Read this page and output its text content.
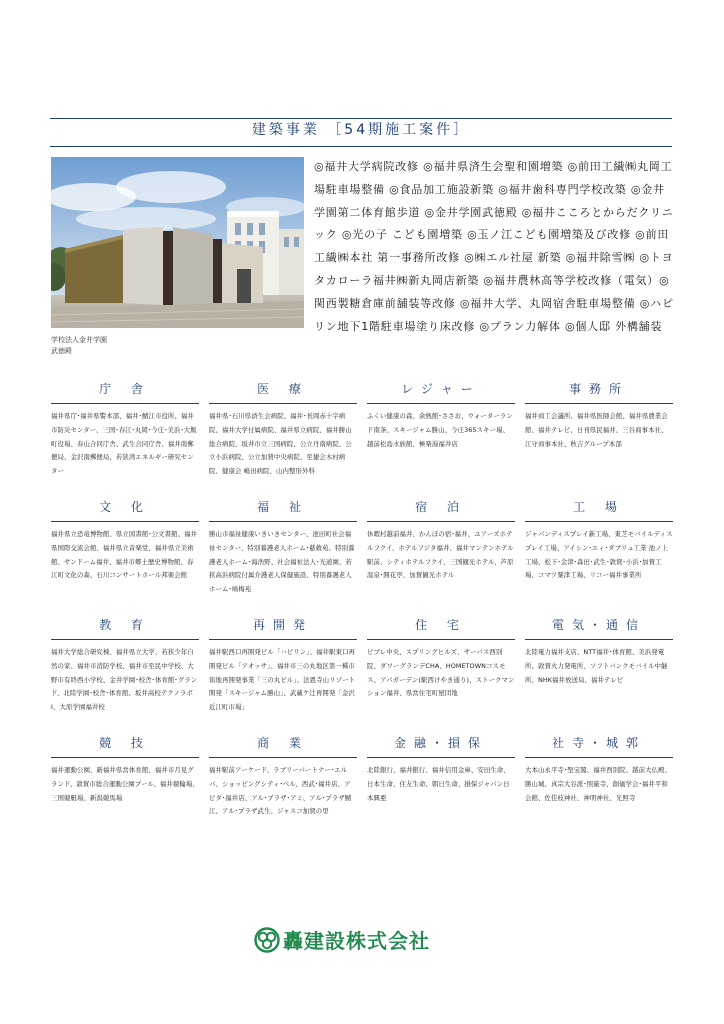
建築事業 ［54期施工案件］
学校法人金井学園
武徳殿
◎福井大学病院改修 ◎福井県済生会聖和園増築 ◎前田工繊㈱丸岡工場駐車場整備 ◎食品加工施設新築 ◎福井歯科専門学校改築 ◎金井学園第二体育館歩道 ◎金井学園武徳殿 ◎福井こころとからだクリニック ◎光の子 こども園増築 ◎玉ノ江こども園増築及び改修 ◎前田工繊㈱本社 第一事務所改修 ◎㈱エル社屋 新築 ◎福井除雪㈱ ◎トヨタカローラ福井㈱新丸岡店新築 ◎福井農林高等学校改修（電気）◎関西製糖倉庫前舗装等改修 ◎福井大学、丸岡宿舎駐車場整備 ◎ハピリン地下1階駐車場塗り床改修 ◎プラン力解体 ◎個人邸 外構舗装
庁 舎
福井県庁･福井県警本部、福井･鯖江市役所、福井市防災センター、三国･春江･丸岡･今庄･美浜･大飯町役場、春山合同庁舎、武生合同庁舎、福井南郵便局、金沢南郵便局、若狭湾エネルギー研究センター
医 療
福井県･石川県済生会病院、福井･長岡赤十字病院、福井大学付属病院、福井県立病院、福井勝山総合病院、坂井市立三国病院、公立丹南病院、公立小浜病院、公立加賀中央病院、至捷会木村病院、健康会 嶋田病院、山内整形外科
レジャー
ふくい健康の森、余熱館･ささお、ウォーターランド南条、スキージャム勝山、今庄365スキー場、越前松島水族館、極楽湯福井店
事務所
福井商工会議所、福井県医師会館、福井県農業会館、福井テレビ、日刊県民福井、三谷商事本社、江守商事本社、秋吉グループ本部
文 化
福井県立恐竜博物館、県立図書館･公文書館、福井県国際交流会館、福井県立音楽堂、福井県立美術館、サンドーム福井、福井市郷土歴史博物館、春江町文化の森、石川コンサートホール邦楽会館
福 祉
勝山市福祉健康いきいきセンター、池田町社会福祉センター、特別養護老人ホーム･慈救苑、特別養護老人ホーム･海浩野、社会福祉法人･光道園、若狭高浜病院付属介護老人保健施設、特別養護老人ホーム･鳩梅苑
宿 泊
休暇村越前福井、かんぽの宿･福井、ユアーズホテルフクイ、ホテルフジタ福井、福井マンテンホテル駅前、シティホテルフクイ、三国観光ホテル、芦原温泉･開花亭、加賀観光ホテル
工 場
ジャパンディスプレイ新工場、東芝モバイルディスプレイ工場、アイシン･エィ･ダブリュ工業 池ノ上工場、松下･金津･森田･武生･敦賀･小浜･加賀工場、コマツ粟津工場、リコー福井事業所
教 育
福井大学総合研究棟、福井県立大学、若狭少年自然の家、福井市消防学校、福井市至民中学校、大野市有終西小学校、金井学園･校舎･体育館･グランド、北陸学園･校舎･体育館、坂井高校テクノラボⅠ、大原学園福井校
再開発
福井駅西口再開発ビル「ハピリン」、福井駅東口再開発ビル「アオッサ」、福井市三の丸地区第一種市街地再開発事業「三の丸ビル」、法恩寺山リゾート開発「スキージャム勝山」、武蔵ケ辻再開発「金沢近江町市場」
住 宅
ピブレ中央、スプリングヒルズ、サーパス西別院、ダワーグランデCHA、HOMETOWNコスモス、アパガーデン(駅西けやき通り)、ストークマンション福井、県営住宅町屋団地
電気･通信
北陸電力福井支店、NTT福井･体育館、美浜発電所、敦賀火力発電所、ソフトバンクモバイル中継所、NHK福井放送局、福井テレビ
競 技
福井運動公園、新福井県営体育館、福井市月見グランド、敦賀市総合運動公園プール、福井競輪場、三国競艇場、新潟競馬場
商 業
福井駅前アーケード、ラブリーパートナー･エルパ、ショッピングシティ･ベル、西武･福井店、アピタ･福井店、アル･プラザ･アミ、アル･プラザ鯖江、アル･プラザ武生、ジャスコ加賀の里
金融･損保
北陸銀行、福井銀行、福井信用金庫、安田生命、日本生命、住友生命、朝日生命、損保ジャパン日本興亜
社寺･城郭
大本山永平寺･聖宝閣、福井西別院、越前大仏殿、勝山城、真宗大谷派･照厳寺、創価学会･福井平和会館、佐佳枝神社、神明神社、光照寺
轟建設株式会社
